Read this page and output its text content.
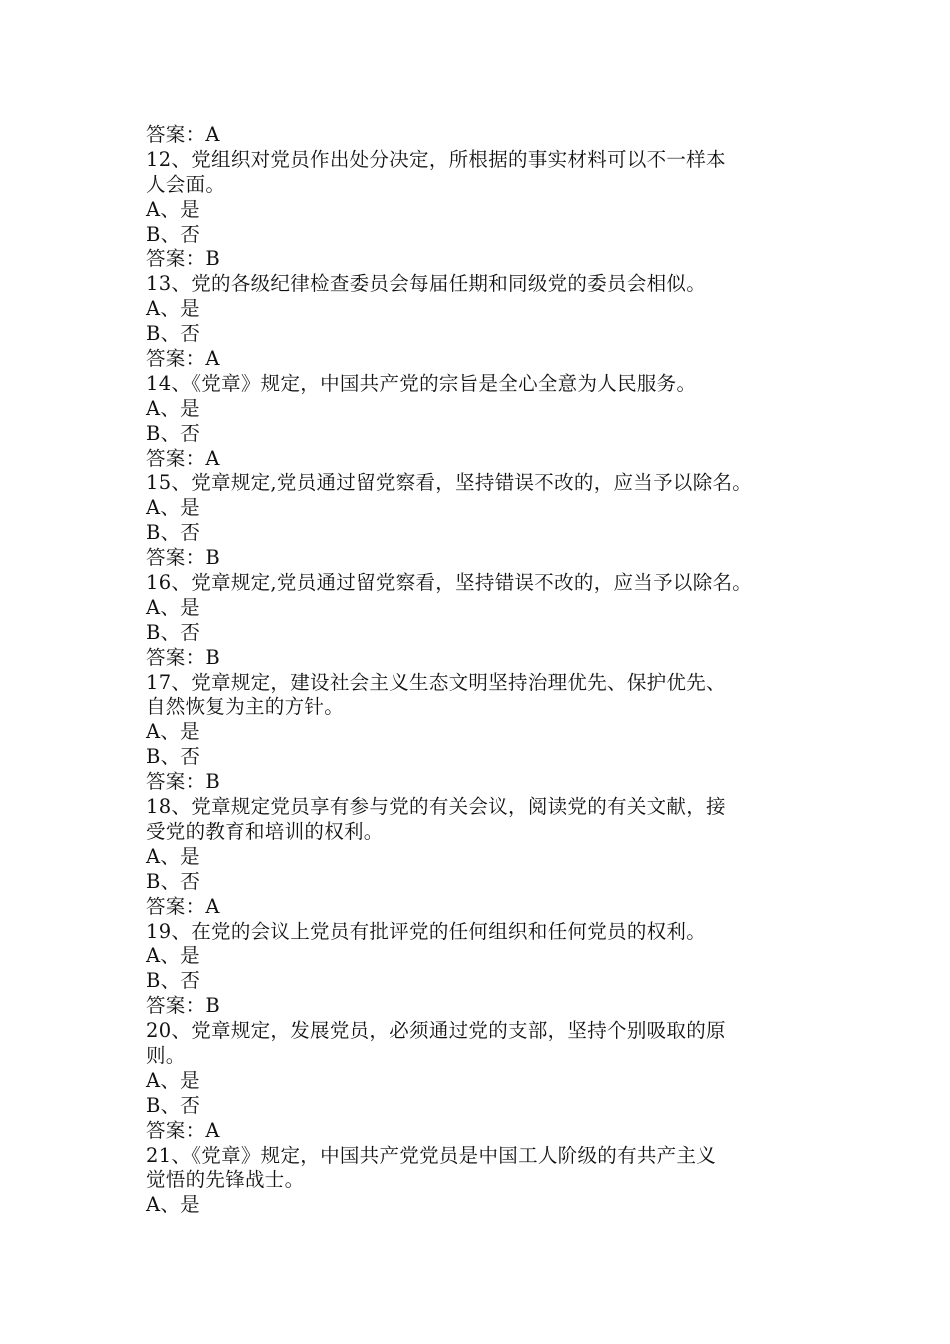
答案：A
12、党组织对党员作出处分决定，所根据的事实材料可以不一样本
人会面。
A、是
B、否
答案：B
13、党的各级纪律检查委员会每届任期和同级党的委员会相似。
A、是
B、否
答案：A
14、《党章》规定，中国共产党的宗旨是全心全意为人民服务。
A、是
B、否
答案：A
15、党章规定,党员通过留党察看，坚持错误不改的，应当予以除名。
A、是
B、否
答案：B
16、党章规定,党员通过留党察看，坚持错误不改的，应当予以除名。
A、是
B、否
答案：B
17、党章规定，建设社会主义生态文明坚持治理优先、保护优先、
自然恢复为主的方针。
A、是
B、否
答案：B
18、党章规定党员享有参与党的有关会议，阅读党的有关文献，接
受党的教育和培训的权利。
A、是
B、否
答案：A
19、在党的会议上党员有批评党的任何组织和任何党员的权利。
A、是
B、否
答案：B
20、党章规定，发展党员，必须通过党的支部，坚持个别吸取的原
则。
A、是
B、否
答案：A
21、《党章》规定，中国共产党党员是中国工人阶级的有共产主义
觉悟的先锋战士。
A、是
